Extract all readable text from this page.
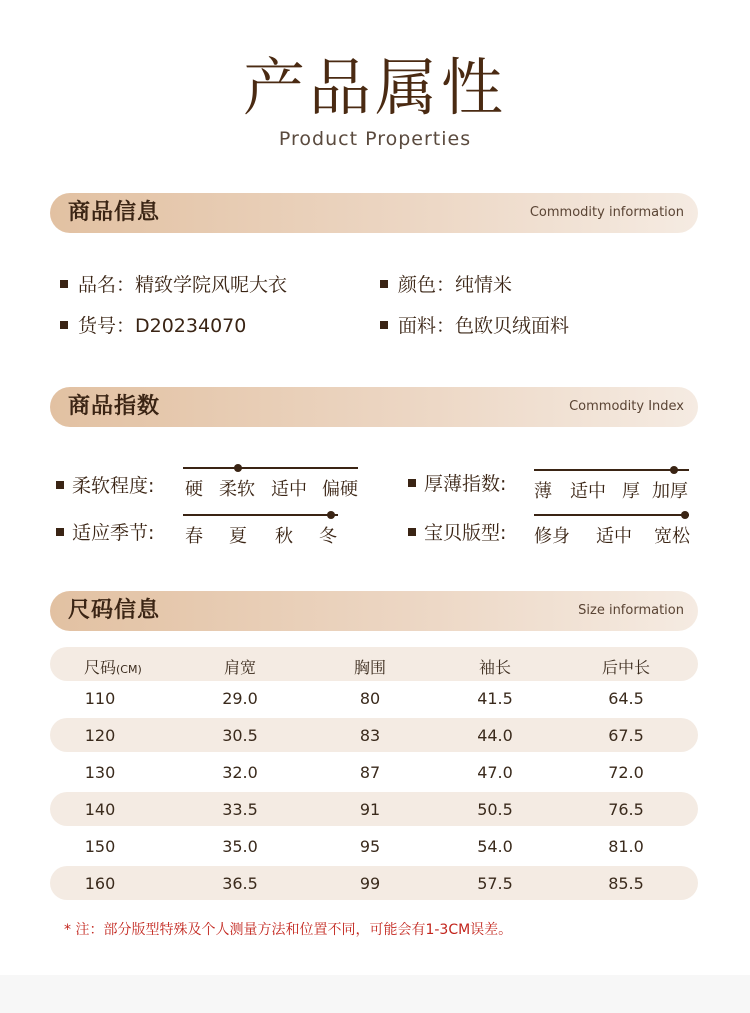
产品属性
Product Properties
商品信息	Commodity information
品名：精致学院风呢大衣	颜色：纯情米
货号：D20234070	面料：色欧贝绒面料
商品指数	Commodity Index
柔软程度: 硬 柔软 适中 偏硬	厚薄指数: 薄 适中 厚 加厚
适应季节: 春 夏 秋 冬	宝贝版型: 修身 适中 宽松
尺码信息	Size information
尺码(CM)	肩宽	胸围	袖长	后中长
110	29.0	80	41.5	64.5
120	30.5	83	44.0	67.5
130	32.0	87	47.0	72.0
140	33.5	91	50.5	76.5
150	35.0	95	54.0	81.0
160	36.5	99	57.5	85.5
* 注：部分版型特殊及个人测量方法和位置不同，可能会有1-3CM误差。
